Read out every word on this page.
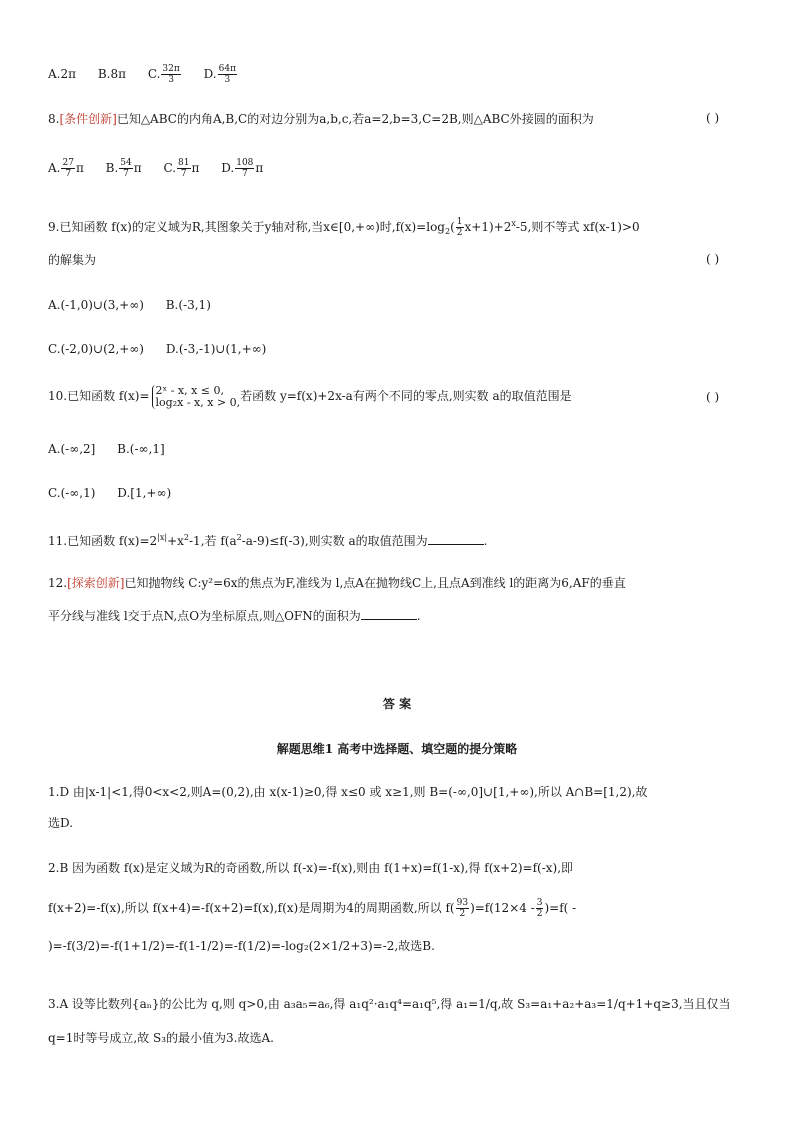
A.2π B.8π C. $\frac{32\pi}{3} D$. $\frac{64\pi}{3}$
8.[条件创新]已知△ABC的内角A,B,C的对边分别为a,b,c,若a=2,b=3,C=2B,则△ABC外接圆的面积为	( )
A. $\frac{27}{7}$ π B. $\frac{54}{7}$ π C. $\frac{81}{7}$ π D. $\frac{108}{7}$ π
9.已知函数 f(x)的定义域为R,其图象关于y轴对称,当x∈[0,+∞)时$,f(x)=\log_2( \frac{1}{2} x+1)+2^x-5$,则不等式 xf(x-1)>0
的解集为	( )
A.(-1,0)∪(3,+∞) B.(-3,1)
C.(-2,0)∪(2,+∞) D.(-3,-1)∪(1,+∞)
10.已知函数 f(x)= 2ˣ - x, x ≤ 0,
log₂x - x, x > 0, 若函数 y=f(x)+2x-a有两个不同的零点,则实数 a的取值范围是	( )
A.(-∞,2] B.(-∞,1]
C.(-∞,1) D.[1,+∞)
11.已知函数 $f(x)=2^{|x|}+x^2-1$,若 $f(a^2-a-9)\le f(-3)$,则实数 a的取值范围为	.
12.[探索创新]已知抛物线 C:y²=6x的焦点为F,准线为 l,点A在抛物线C上,且点A到准线 l的距离为6,AF的垂直
平分线与准线 l交于点N,点O为坐标原点,则△OFN的面积为	.
答 案
解题思维1 高考中选择题、填空题的提分策略
1.D 由|x-1|<1,得0<x<2,则A=(0,2),由 x(x-1)≥0,得 x≤0 或 x≥1,则 B=(-∞,0]∪[1,+∞),所以 A∩B=[1,2),故
选D.
2.B 因为函数 f(x)是定义域为R的奇函数,所以 f(-x)=-f(x),则由 f(1+x)=f(1-x),得 f(x+2)=f(-x),即
f(x+2)=-f(x),所以 f(x+4)=-f(x+2)=f(x),f(x)是周期为4的周期函数,所以 $f( \frac{93}{2} )=f(12\times 4 - \frac{3}{2} )=f$( -
)=-f(3/2)=-f(1+1/2)=-f(1-1/2)=-f(1/2)=-log₂(2×1/2+3)=-2,故选B.
3.A 设等比数列{aₙ}的公比为 q,则 q>0,由 a₃a₅=a₆,得 a₁q²·a₁q⁴=a₁q⁵,得 a₁=1/q,故 S₃=a₁+a₂+a₃=1/q+1+q≥3,当且仅当
q=1时等号成立,故 S₃的最小值为3.故选A.
